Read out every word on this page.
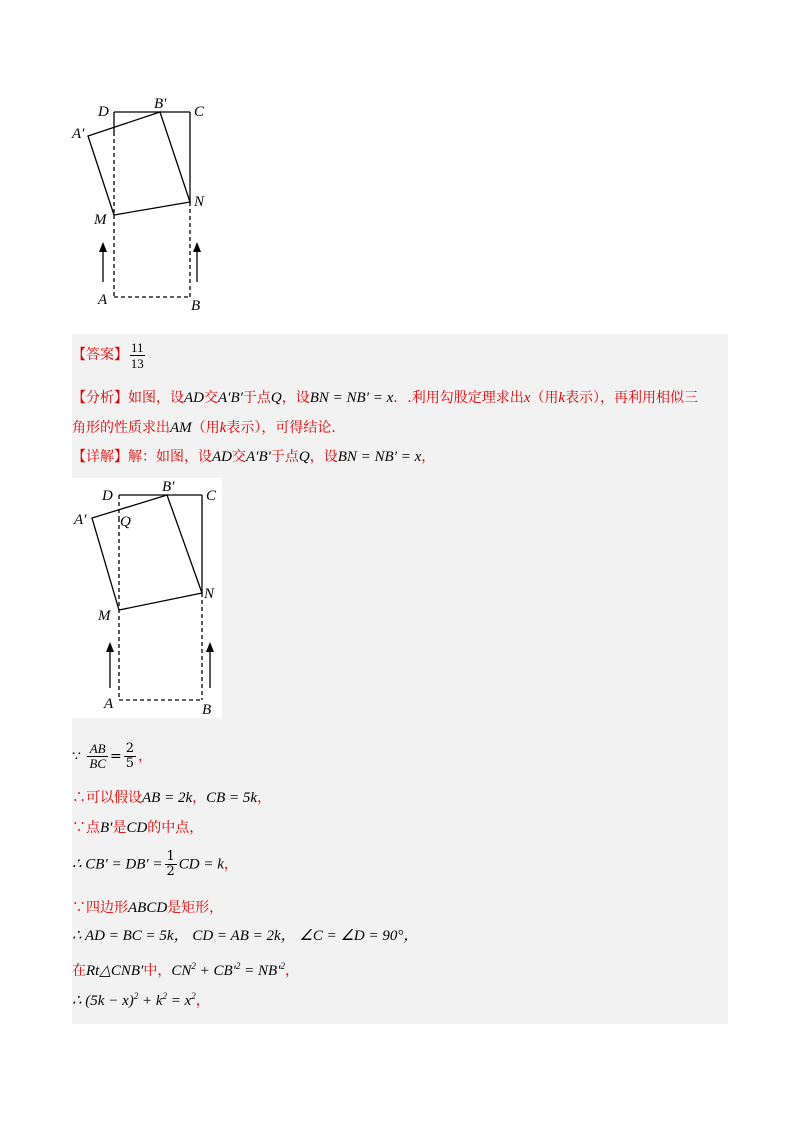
D	B′ C
A′
M
N
A	B
【答案】 $\frac{11}{13}$
【分析】如图，设AD交A′B′于点Q，设BN = NB′ = x．.利用勾股定理求出x（用k表示），再利用相似三
角形的性质求出AM（用k表示），可得结论.
【详解】解：如图，设AD交A′B′于点Q，设BN = NB′ = x，
D
B′
C
A′ Q
M
N
A	B
∵ $\frac{AB}{BC} = \frac{2}{5}$ ，
∴可以假设AB = 2k，CB = 5k，
∵点B′是CD的中点，
∴ $CB' = DB' = \frac{1}{2}$ CD = k，
∵四边形ABCD是矩形，
∴ AD = BC = 5k， CD = AB = 2k， ∠C = ∠D = 90°，
在Rt△CNB′中，$CN^2 + CB'^2 = NB'^2$，
∴ $(5k - x)^2 + k^2 = x^2$，
